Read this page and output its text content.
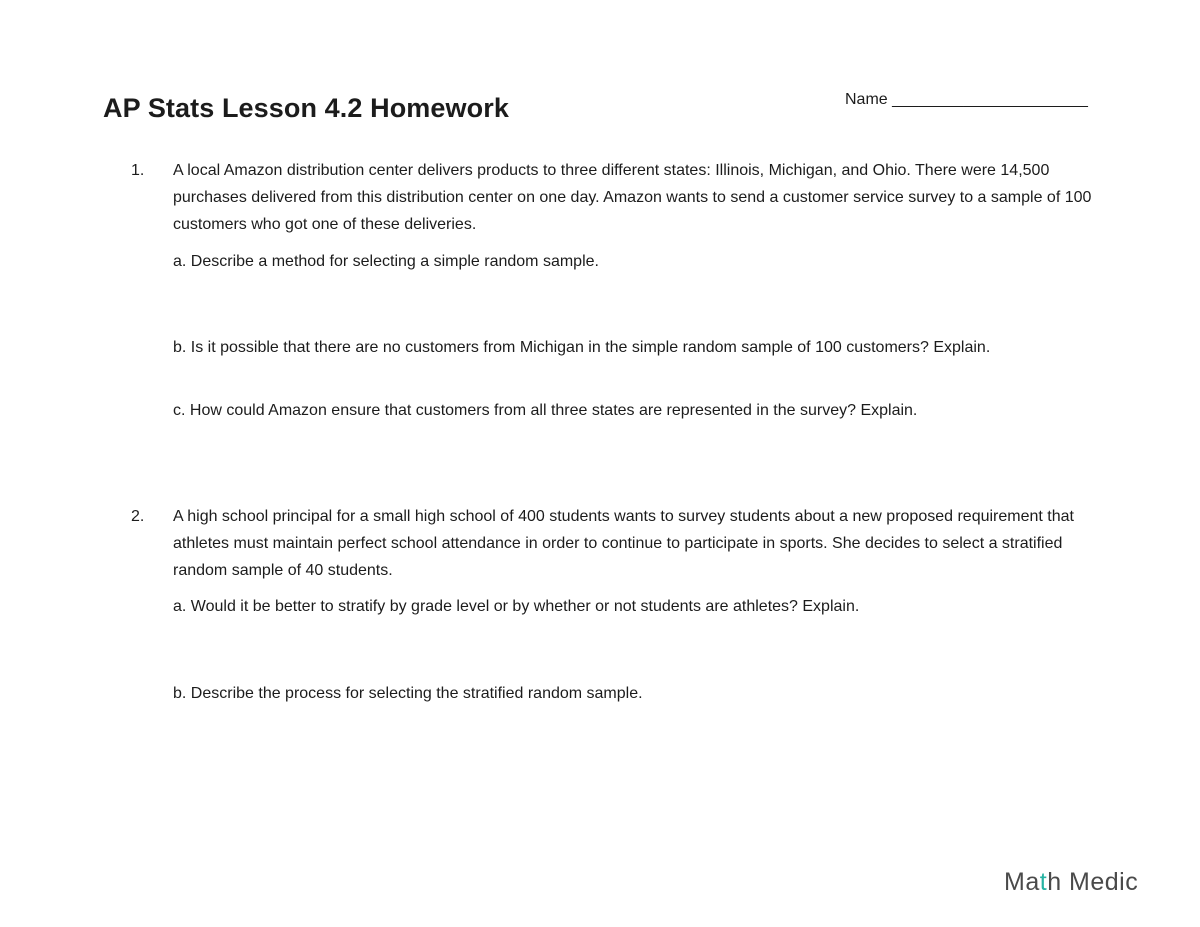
AP Stats Lesson 4.2 Homework	Name ______________________
1. A local Amazon distribution center delivers products to three different states: Illinois, Michigan, and Ohio. There were 14,500 purchases delivered from this distribution center on one day. Amazon wants to send a customer service survey to a sample of 100 customers who got one of these deliveries.

a. Describe a method for selecting a simple random sample.

b. Is it possible that there are no customers from Michigan in the simple random sample of 100 customers? Explain.

c. How could Amazon ensure that customers from all three states are represented in the survey? Explain.

2. A high school principal for a small high school of 400 students wants to survey students about a new proposed requirement that athletes must maintain perfect school attendance in order to continue to participate in sports. She decides to select a stratified random sample of 40 students.

a. Would it be better to stratify by grade level or by whether or not students are athletes? Explain.

b. Describe the process for selecting the stratified random sample.

Math Medic
